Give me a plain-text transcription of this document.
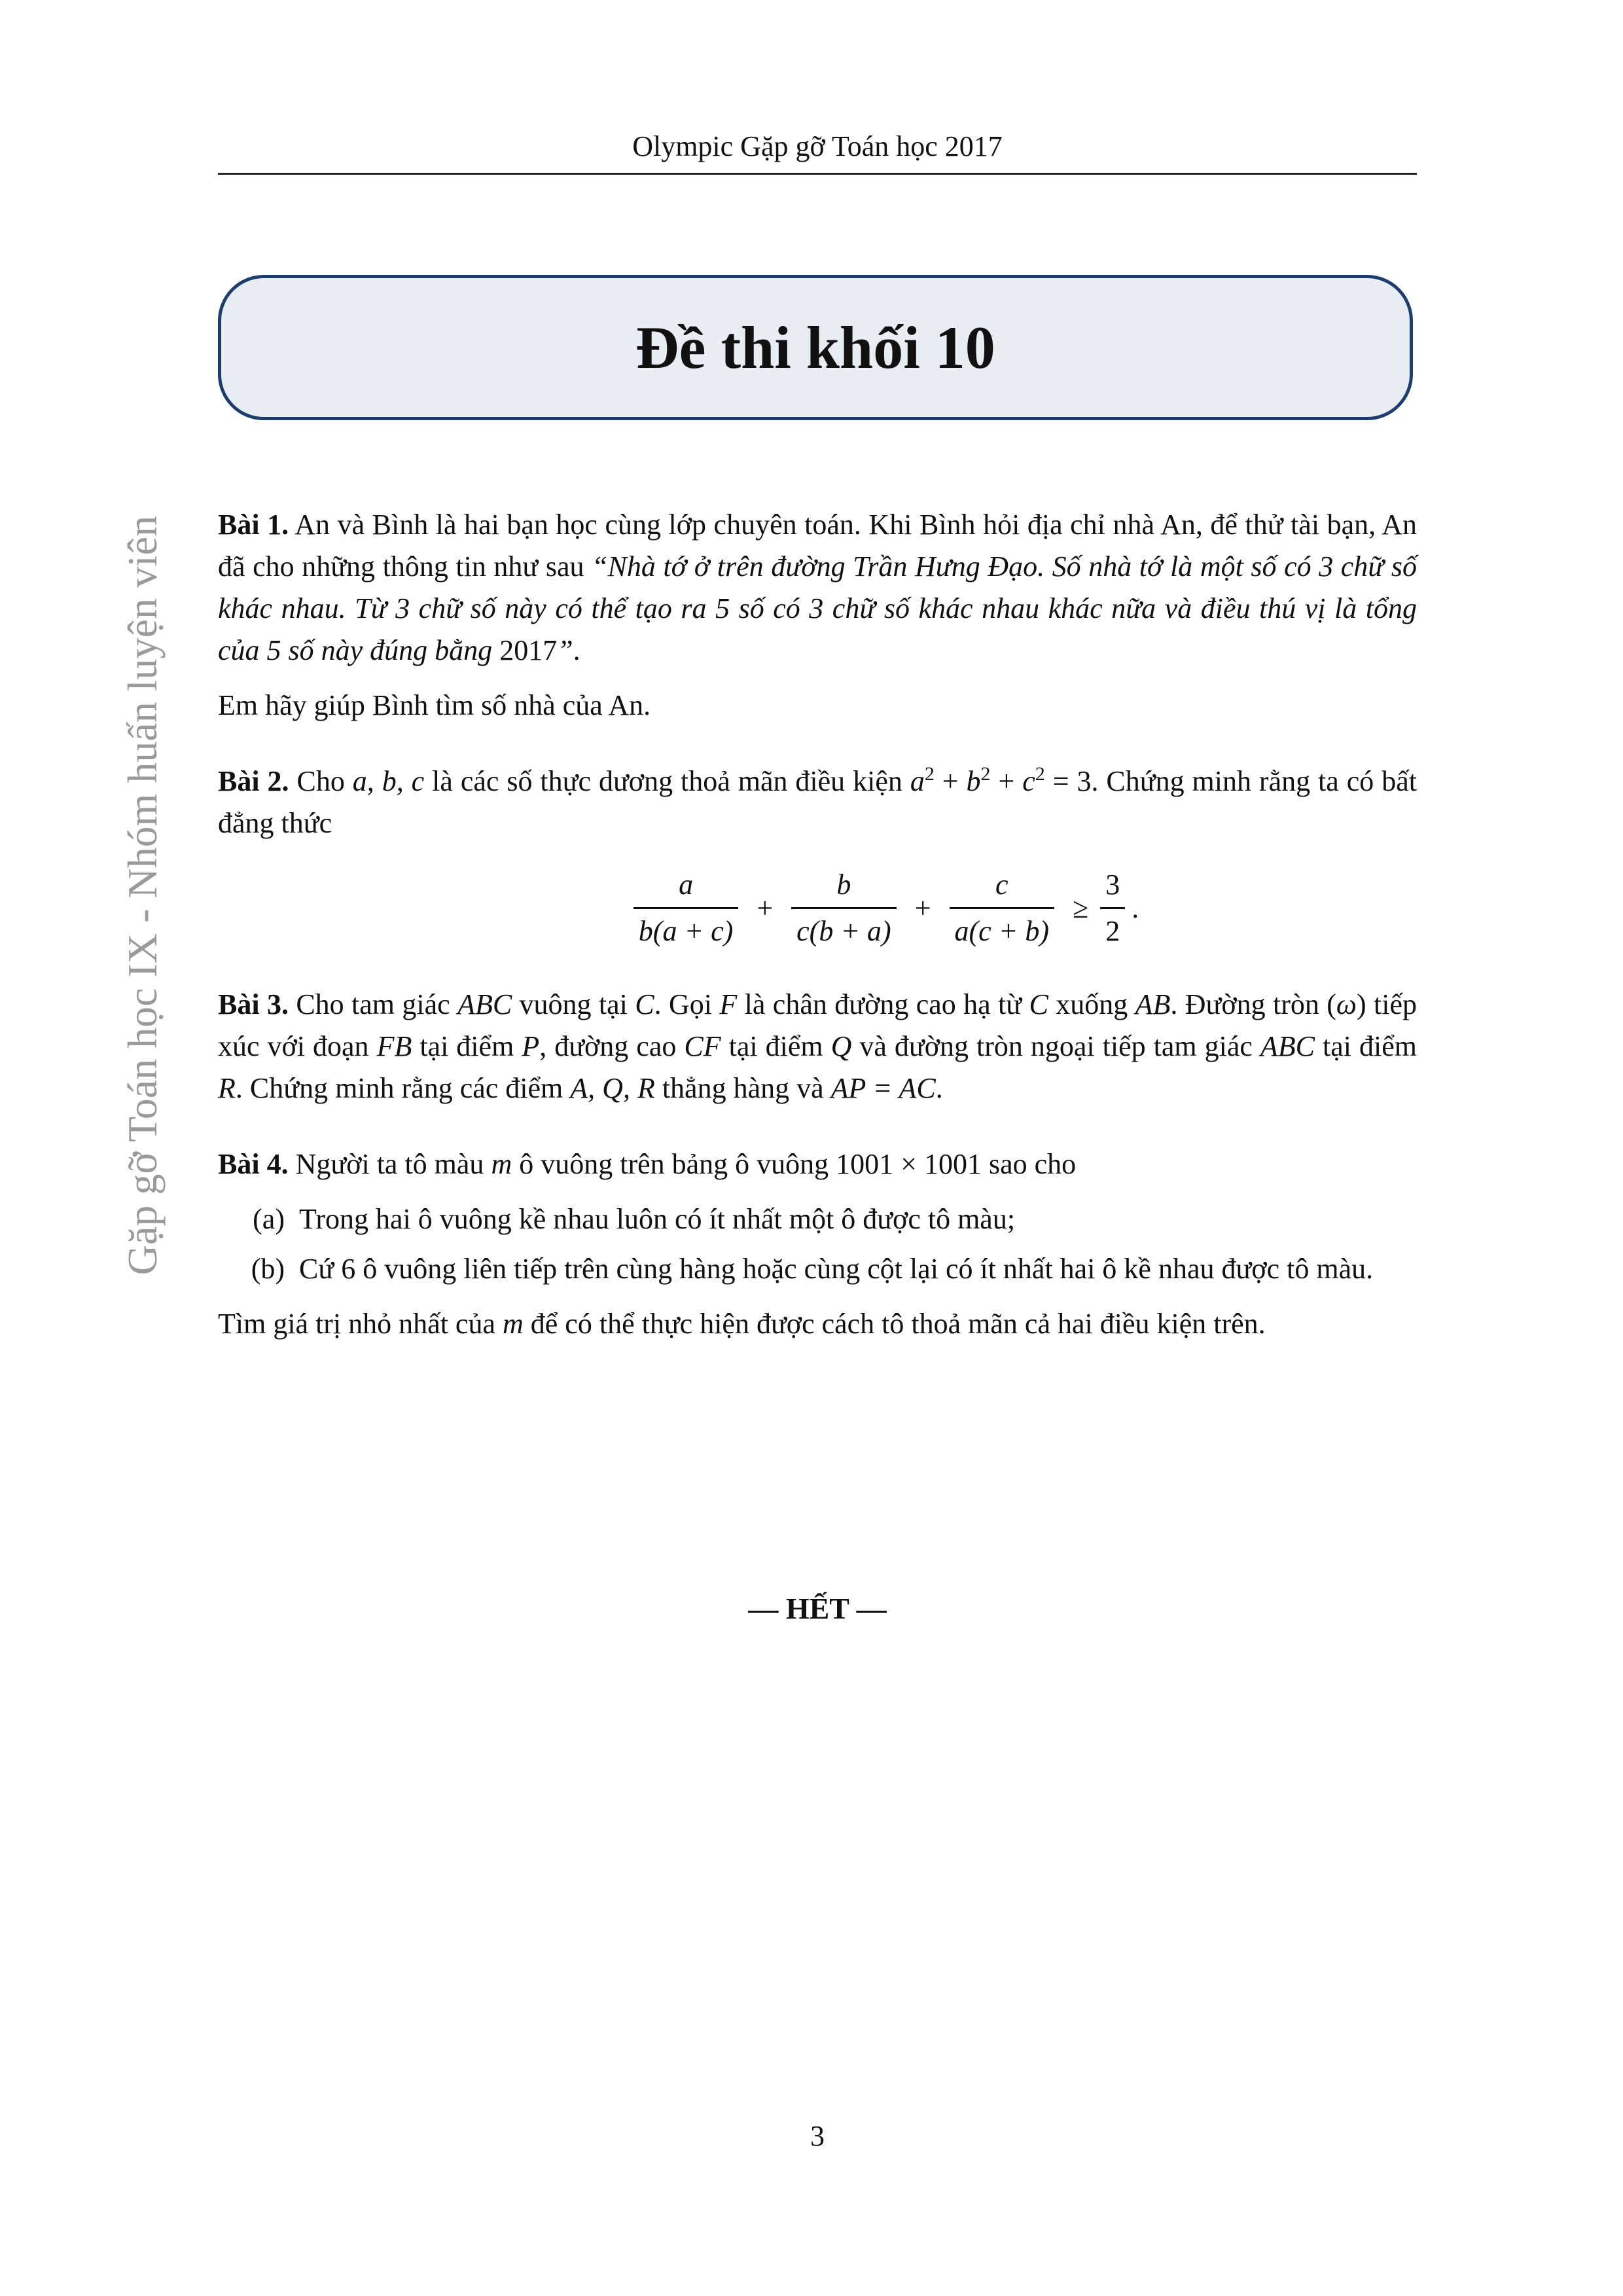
Olympic Gặp gỡ Toán học 2017
Gặp gỡ Toán học IX - Nhóm huấn luyện viên
Đề thi khối 10

Bài 1. An và Bình là hai bạn học cùng lớp chuyên toán. Khi Bình hỏi địa chỉ nhà An, để thử tài bạn, An đã cho những thông tin như sau “Nhà tớ ở trên đường Trần Hưng Đạo. Số nhà tớ là một số có 3 chữ số khác nhau. Từ 3 chữ số này có thể tạo ra 5 số có 3 chữ số khác nhau khác nữa và điều thú vị là tổng của 5 số này đúng bằng 2017”.

Em hãy giúp Bình tìm số nhà của An.

Bài 2. Cho a, b, c là các số thực dương thoả mãn điều kiện $a^2 + b^2 + c^2 = 3$. Chứng minh rằng ta có bất đẳng thức

$\frac{a}{b(a + c)} + \frac{b}{c(b + a)} + \frac{c}{a(c + b)} \ge \frac{3}{2}$ .

Bài 3. Cho tam giác ABC vuông tại C. Gọi F là chân đường cao hạ từ C xuống AB. Đường tròn (ω) tiếp xúc với đoạn FB tại điểm P, đường cao CF tại điểm Q và đường tròn ngoại tiếp tam giác ABC tại điểm R. Chứng minh rằng các điểm A, Q, R thẳng hàng và AP = AC.

Bài 4. Người ta tô màu m ô vuông trên bảng ô vuông 1001 × 1001 sao cho

(a) Trong hai ô vuông kề nhau luôn có ít nhất một ô được tô màu;
(b) Cứ 6 ô vuông liên tiếp trên cùng hàng hoặc cùng cột lại có ít nhất hai ô kề nhau được tô màu.

Tìm giá trị nhỏ nhất của m để có thể thực hiện được cách tô thoả mãn cả hai điều kiện trên.

— HẾT —
3
